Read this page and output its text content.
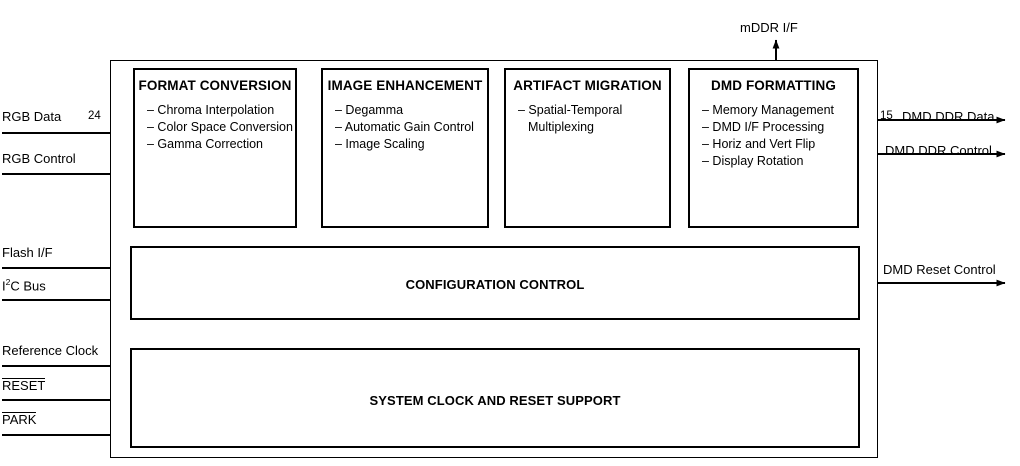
FORMAT CONVERSION
– Chroma Interpolation
– Color Space Conversion
– Gamma Correction
IMAGE ENHANCEMENT
– Degamma
– Automatic Gain Control
– Image Scaling
ARTIFACT MIGRATION
– Spatial-Temporal
Multiplexing
DMD FORMATTING
– Memory Management
– DMD I/F Processing
– Horiz and Vert Flip
– Display Rotation
CONFIGURATION CONTROL
SYSTEM CLOCK AND RESET SUPPORT
RGB Data
RGB Control
Flash I/F
$I^2C$ Bus
Reference Clock
RESET
PARK
24	15 DMD DDR Data
DMD DDR Control
DMD Reset Control
mDDR I/F
